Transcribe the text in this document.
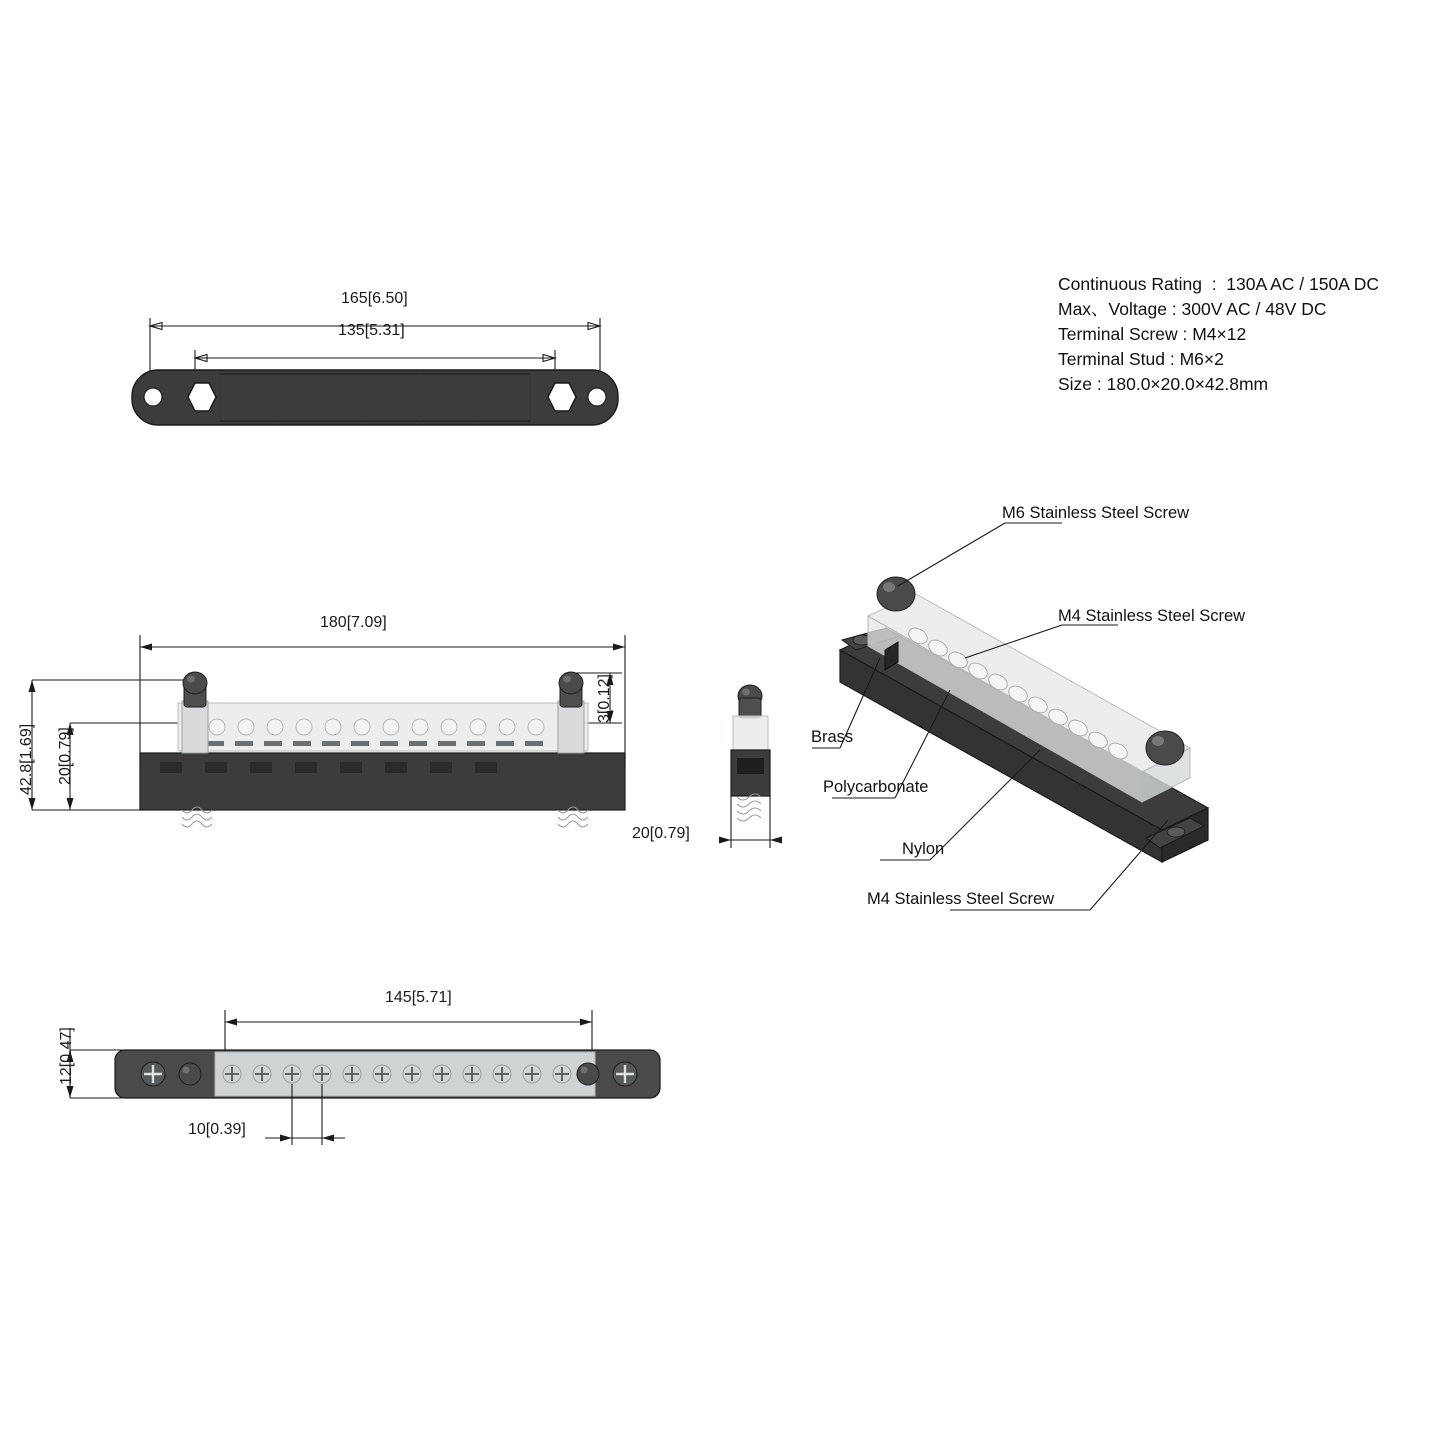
Continuous Rating  :  130A AC / 150A DC
Max、Voltage : 300V AC / 48V DC
Terminal Screw : M4×12
Terminal Stud : M6×2
Size : 180.0×20.0×42.8mm
165[6.50]
135[5.31]
180[7.09]
42.8[1.69] 20[0.79]
3[0.12]
20[0.79]
145[5.71]
10[0.39]
12[0.47]
M6 Stainless Steel Screw
M4 Stainless Steel Screw
Brass
Polycarbonate
Nylon
M4 Stainless Steel Screw
